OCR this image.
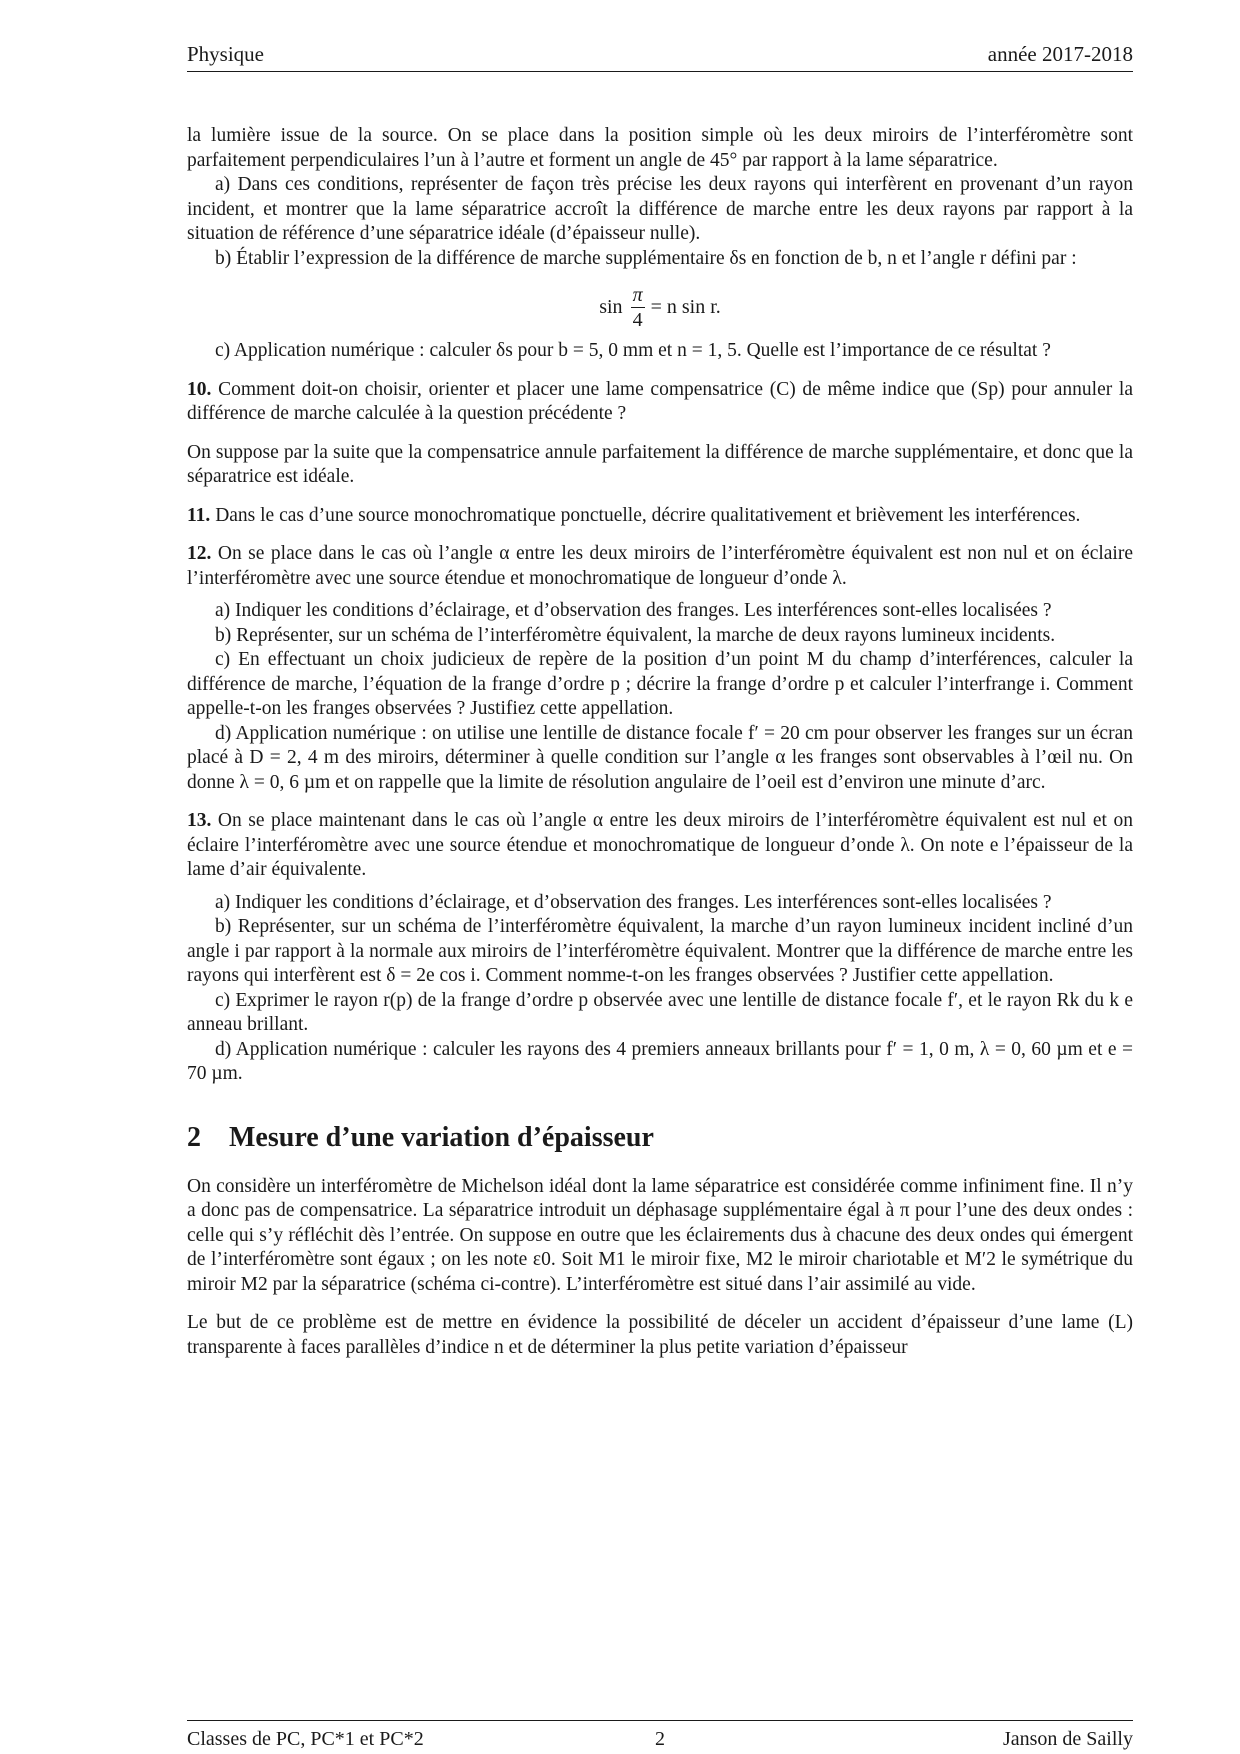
Physique	année 2017-2018

la lumière issue de la source. On se place dans la position simple où les deux miroirs de l’interféromètre sont parfaitement perpendiculaires l’un à l’autre et forment un angle de 45° par rapport à la lame séparatrice.

a) Dans ces conditions, représenter de façon très précise les deux rayons qui interfèrent en provenant d’un rayon incident, et montrer que la lame séparatrice accroît la différence de marche entre les deux rayons par rapport à la situation de référence d’une séparatrice idéale (d’épaisseur nulle).

b) Établir l’expression de la différence de marche supplémentaire δs en fonction de b, n et l’angle r défini par :

$\sin \frac{\pi}{4} = n$ sin r.

c) Application numérique : calculer δs pour b = 5, 0 mm et n = 1, 5. Quelle est l’importance de ce résultat ?

10. Comment doit-on choisir, orienter et placer une lame compensatrice (C) de même indice que (Sp) pour annuler la différence de marche calculée à la question précédente ?

On suppose par la suite que la compensatrice annule parfaitement la différence de marche supplémentaire, et donc que la séparatrice est idéale.

11. Dans le cas d’une source monochromatique ponctuelle, décrire qualitativement et brièvement les interférences.

12. On se place dans le cas où l’angle α entre les deux miroirs de l’interféromètre équivalent est non nul et on éclaire l’interféromètre avec une source étendue et monochromatique de longueur d’onde λ.

a) Indiquer les conditions d’éclairage, et d’observation des franges. Les interférences sont-elles localisées ?

b) Représenter, sur un schéma de l’interféromètre équivalent, la marche de deux rayons lumineux incidents.

c) En effectuant un choix judicieux de repère de la position d’un point M du champ d’interférences, calculer la différence de marche, l’équation de la frange d’ordre p ; décrire la frange d’ordre p et calculer l’interfrange i. Comment appelle-t-on les franges observées ? Justifiez cette appellation.

d) Application numérique : on utilise une lentille de distance focale f′ = 20 cm pour observer les franges sur un écran placé à D = 2, 4 m des miroirs, déterminer à quelle condition sur l’angle α les franges sont observables à l’œil nu. On donne λ = 0, 6 µm et on rappelle que la limite de résolution angulaire de l’oeil est d’environ une minute d’arc.

13. On se place maintenant dans le cas où l’angle α entre les deux miroirs de l’interféromètre équivalent est nul et on éclaire l’interféromètre avec une source étendue et monochromatique de longueur d’onde λ. On note e l’épaisseur de la lame d’air équivalente.

a) Indiquer les conditions d’éclairage, et d’observation des franges. Les interférences sont-elles localisées ?

b) Représenter, sur un schéma de l’interféromètre équivalent, la marche d’un rayon lumineux incident incliné d’un angle i par rapport à la normale aux miroirs de l’interféromètre équivalent. Montrer que la différence de marche entre les rayons qui interfèrent est δ = 2e cos i. Comment nomme-t-on les franges observées ? Justifier cette appellation.

c) Exprimer le rayon r(p) de la frange d’ordre p observée avec une lentille de distance focale f′, et le rayon Rk du k e anneau brillant.

d) Application numérique : calculer les rayons des 4 premiers anneaux brillants pour f′ = 1, 0 m, λ = 0, 60 µm et e = 70 µm.

2 Mesure d’une variation d’épaisseur

On considère un interféromètre de Michelson idéal dont la lame séparatrice est considérée comme infiniment fine. Il n’y a donc pas de compensatrice. La séparatrice introduit un déphasage supplémentaire égal à π pour l’une des deux ondes : celle qui s’y réfléchit dès l’entrée. On suppose en outre que les éclairements dus à chacune des deux ondes qui émergent de l’interféromètre sont égaux ; on les note ε0. Soit M1 le miroir fixe, M2 le miroir chariotable et M′2 le symétrique du miroir M2 par la séparatrice (schéma ci-contre). L’interféromètre est situé dans l’air assimilé au vide.

Le but de ce problème est de mettre en évidence la possibilité de déceler un accident d’épaisseur d’une lame (L) transparente à faces parallèles d’indice n et de déterminer la plus petite variation d’épaisseur

Classes de PC, PC*1 et PC*2	2	Janson de Sailly
